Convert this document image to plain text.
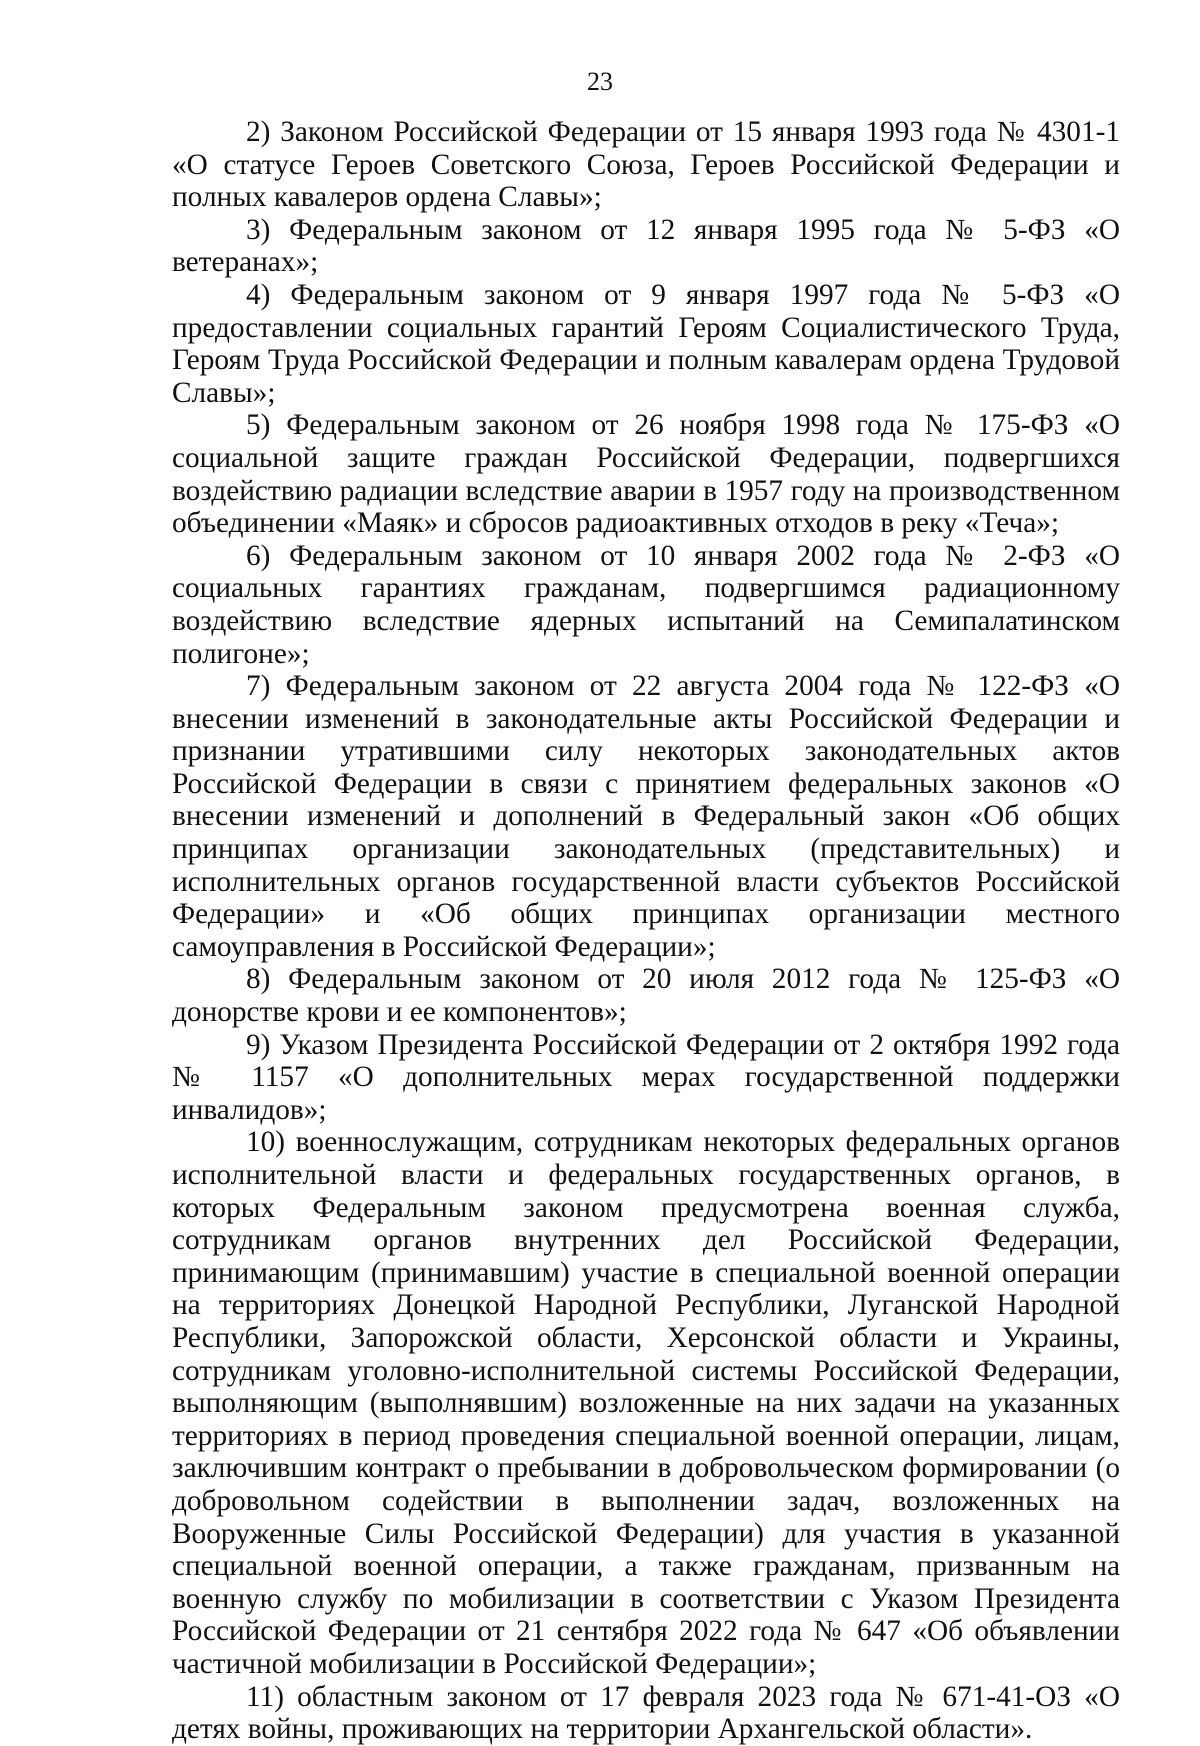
23

2) Законом Российской Федерации от 15 января 1993 года № 4301-1 «О статусе Героев Советского Союза, Героев Российской Федерации и полных кавалеров ордена Славы»;

3) Федеральным законом от 12 января 1995 года № 5-ФЗ «О ветеранах»;

4) Федеральным законом от 9 января 1997 года № 5-ФЗ «О предоставлении социальных гарантий Героям Социалистического Труда, Героям Труда Российской Федерации и полным кавалерам ордена Трудовой Славы»;

5) Федеральным законом от 26 ноября 1998 года № 175-ФЗ «О социальной защите граждан Российской Федерации, подвергшихся воздействию радиации вследствие аварии в 1957 году на производственном объединении «Маяк» и сбросов радиоактивных отходов в реку «Теча»;

6) Федеральным законом от 10 января 2002 года № 2-ФЗ «О социальных гарантиях гражданам, подвергшимся радиационному воздействию вследствие ядерных испытаний на Семипалатинском полигоне»;

7) Федеральным законом от 22 августа 2004 года № 122-ФЗ «О внесении изменений в законодательные акты Российской Федерации и признании утратившими силу некоторых законодательных актов Российской Федерации в связи с принятием федеральных законов «О внесении изменений и дополнений в Федеральный закон «Об общих принципах организации законодательных (представительных) и исполнительных органов государственной власти субъектов Российской Федерации» и «Об общих принципах организации местного самоуправления в Российской Федерации»;

8) Федеральным законом от 20 июля 2012 года № 125-ФЗ «О донорстве крови и ее компонентов»;

9) Указом Президента Российской Федерации от 2 октября 1992 года № 1157 «О дополнительных мерах государственной поддержки инвалидов»;

10) военнослужащим, сотрудникам некоторых федеральных органов исполнительной власти и федеральных государственных органов, в которых Федеральным законом предусмотрена военная служба, сотрудникам органов внутренних дел Российской Федерации, принимающим (принимавшим) участие в специальной военной операции на территориях Донецкой Народной Республики, Луганской Народной Республики, Запорожской области, Херсонской области и Украины, сотрудникам уголовно-исполнительной системы Российской Федерации, выполняющим (выполнявшим) возложенные на них задачи на указанных территориях в период проведения специальной военной операции, лицам, заключившим контракт о пребывании в добровольческом формировании (о добровольном содействии в выполнении задач, возложенных на Вооруженные Силы Российской Федерации) для участия в указанной специальной военной операции, а также гражданам, призванным на военную службу по мобилизации в соответствии с Указом Президента Российской Федерации от 21 сентября 2022 года № 647 «Об объявлении частичной мобилизации в Российской Федерации»;

11) областным законом от 17 февраля 2023 года № 671-41-ОЗ «О детях войны, проживающих на территории Архангельской области».
